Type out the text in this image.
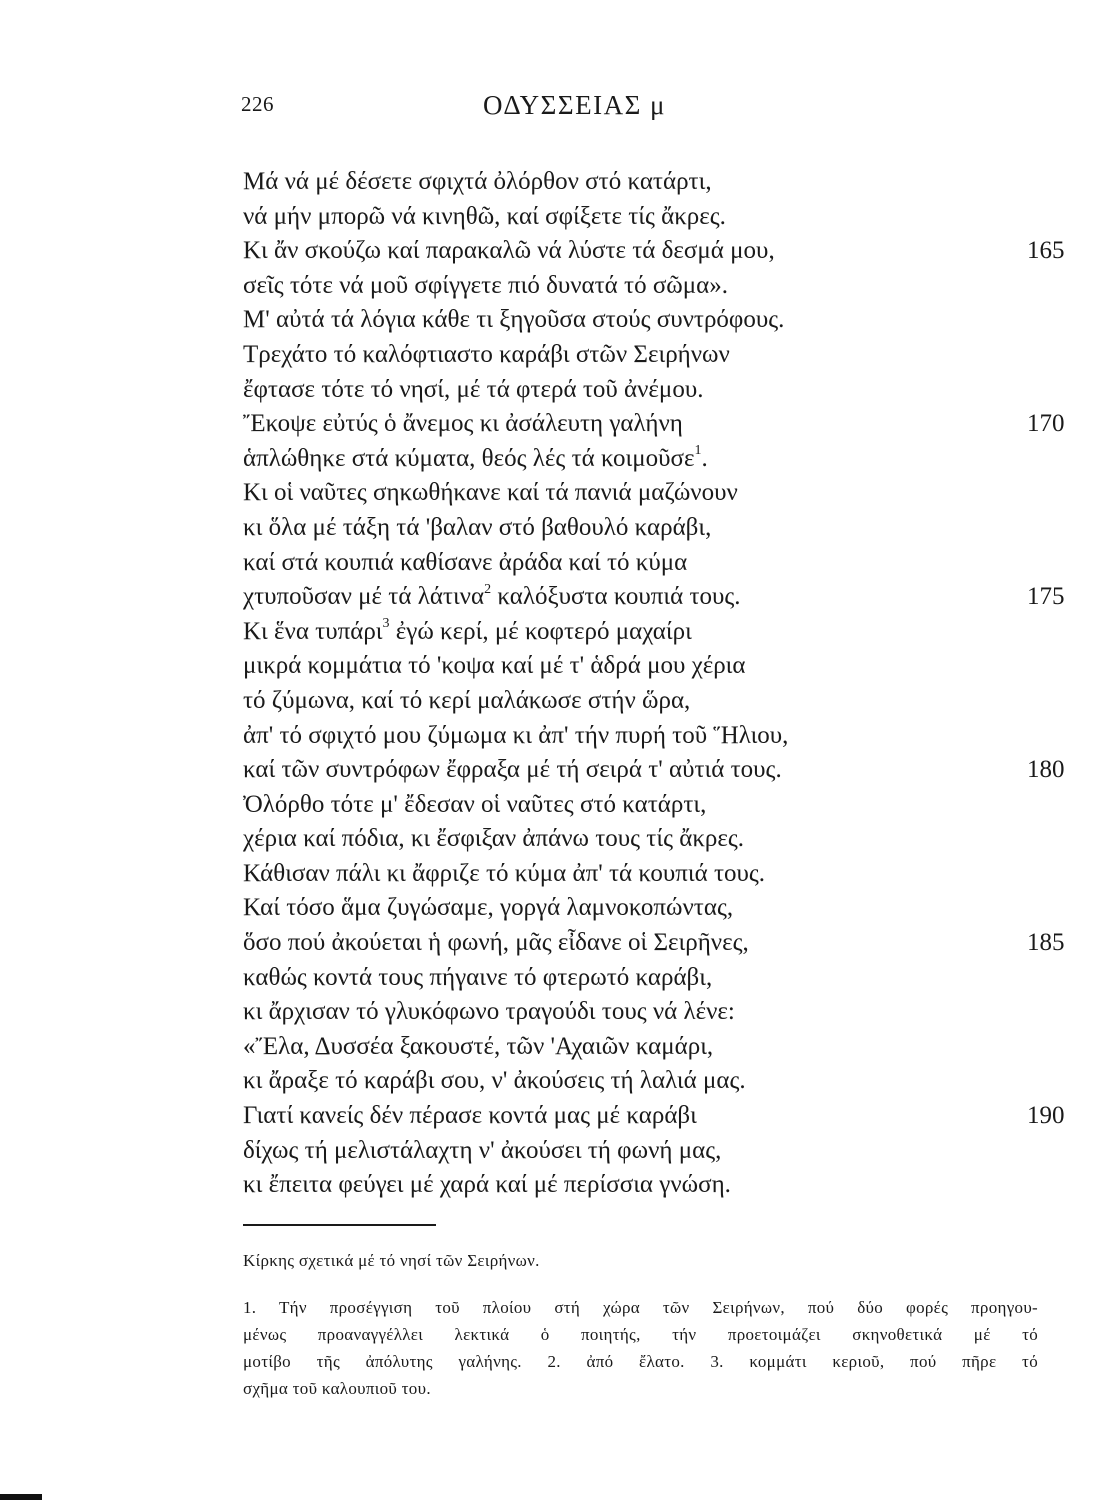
226	ΟΔΥΣΣΕΙΑΣ μ
Μά νά μέ δέσετε σφιχτά ὀλόρθον στό κατάρτι,
νά μήν μπορῶ νά κινηθῶ, καί σφίξετε τίς ἄκρες.
Κι ἄν σκούζω καί παρακαλῶ νά λύστε τά δεσμά μου,	165
σεῖς τότε νά μοῦ σφίγγετε πιό δυνατά τό σῶμα».
Μ' αὐτά τά λόγια κάθε τι ξηγοῦσα στούς συντρόφους.
Τρεχάτο τό καλόφτιαστο καράβι στῶν Σειρήνων
ἔφτασε τότε τό νησί, μέ τά φτερά τοῦ ἀνέμου.
Ἔκοψε εὐτύς ὁ ἄνεμος κι ἀσάλευτη γαλήνη	170
ἁπλώθηκε στά κύματα, θεός λές τά κοιμοῦσε$^1$.
Κι οἱ ναῦτες σηκωθήκανε καί τά πανιά μαζώνουν
κι ὅλα μέ τάξη τά 'βαλαν στό βαθουλό καράβι,
καί στά κουπιά καθίσανε ἀράδα καί τό κύμα
χτυποῦσαν μέ τά λάτινα$^2$ καλόξυστα κουπιά τους.	175
Κι ἕνα τυπάρι$^3$ ἐγώ κερί, μέ κοφτερό μαχαίρι
μικρά κομμάτια τό 'κοψα καί μέ τ' ἁδρά μου χέρια
τό ζύμωνα, καί τό κερί μαλάκωσε στήν ὥρα,
ἀπ' τό σφιχτό μου ζύμωμα κι ἀπ' τήν πυρή τοῦ Ἥλιου,
καί τῶν συντρόφων ἔφραξα μέ τή σειρά τ' αὐτιά τους.	180
Ὀλόρθο τότε μ' ἔδεσαν οἱ ναῦτες στό κατάρτι,
χέρια καί πόδια, κι ἔσφιξαν ἀπάνω τους τίς ἄκρες.
Κάθισαν πάλι κι ἄφριζε τό κύμα ἀπ' τά κουπιά τους.
Καί τόσο ἅμα ζυγώσαμε, γοργά λαμνοκοπώντας,
ὅσο πού ἀκούεται ἡ φωνή, μᾶς εἶδανε οἱ Σειρῆνες,	185
καθώς κοντά τους πήγαινε τό φτερωτό καράβι,
κι ἄρχισαν τό γλυκόφωνο τραγούδι τους νά λένε:
«Ἔλα, Δυσσέα ξακουστέ, τῶν 'Αχαιῶν καμάρι,
κι ἄραξε τό καράβι σου, ν' ἀκούσεις τή λαλιά μας.
Γιατί κανείς δέν πέρασε κοντά μας μέ καράβι	190
δίχως τή μελιστάλαχτη ν' ἀκούσει τή φωνή μας,
κι ἔπειτα φεύγει μέ χαρά καί μέ περίσσια γνώση.
Κίρκης σχετικά μέ τό νησί τῶν Σειρήνων.
1. Τήν προσέγγιση τοῦ πλοίου στή χώρα τῶν Σειρήνων, πού δύο φορές προηγου-
μένως προαναγγέλλει λεκτικά ὁ ποιητής, τήν προετοιμάζει σκηνοθετικά μέ τό
μοτίβο τῆς ἀπόλυτης γαλήνης. 2. ἀπό ἔλατο. 3. κομμάτι κεριοῦ, πού πῆρε τό
σχῆμα τοῦ καλουπιοῦ του.
